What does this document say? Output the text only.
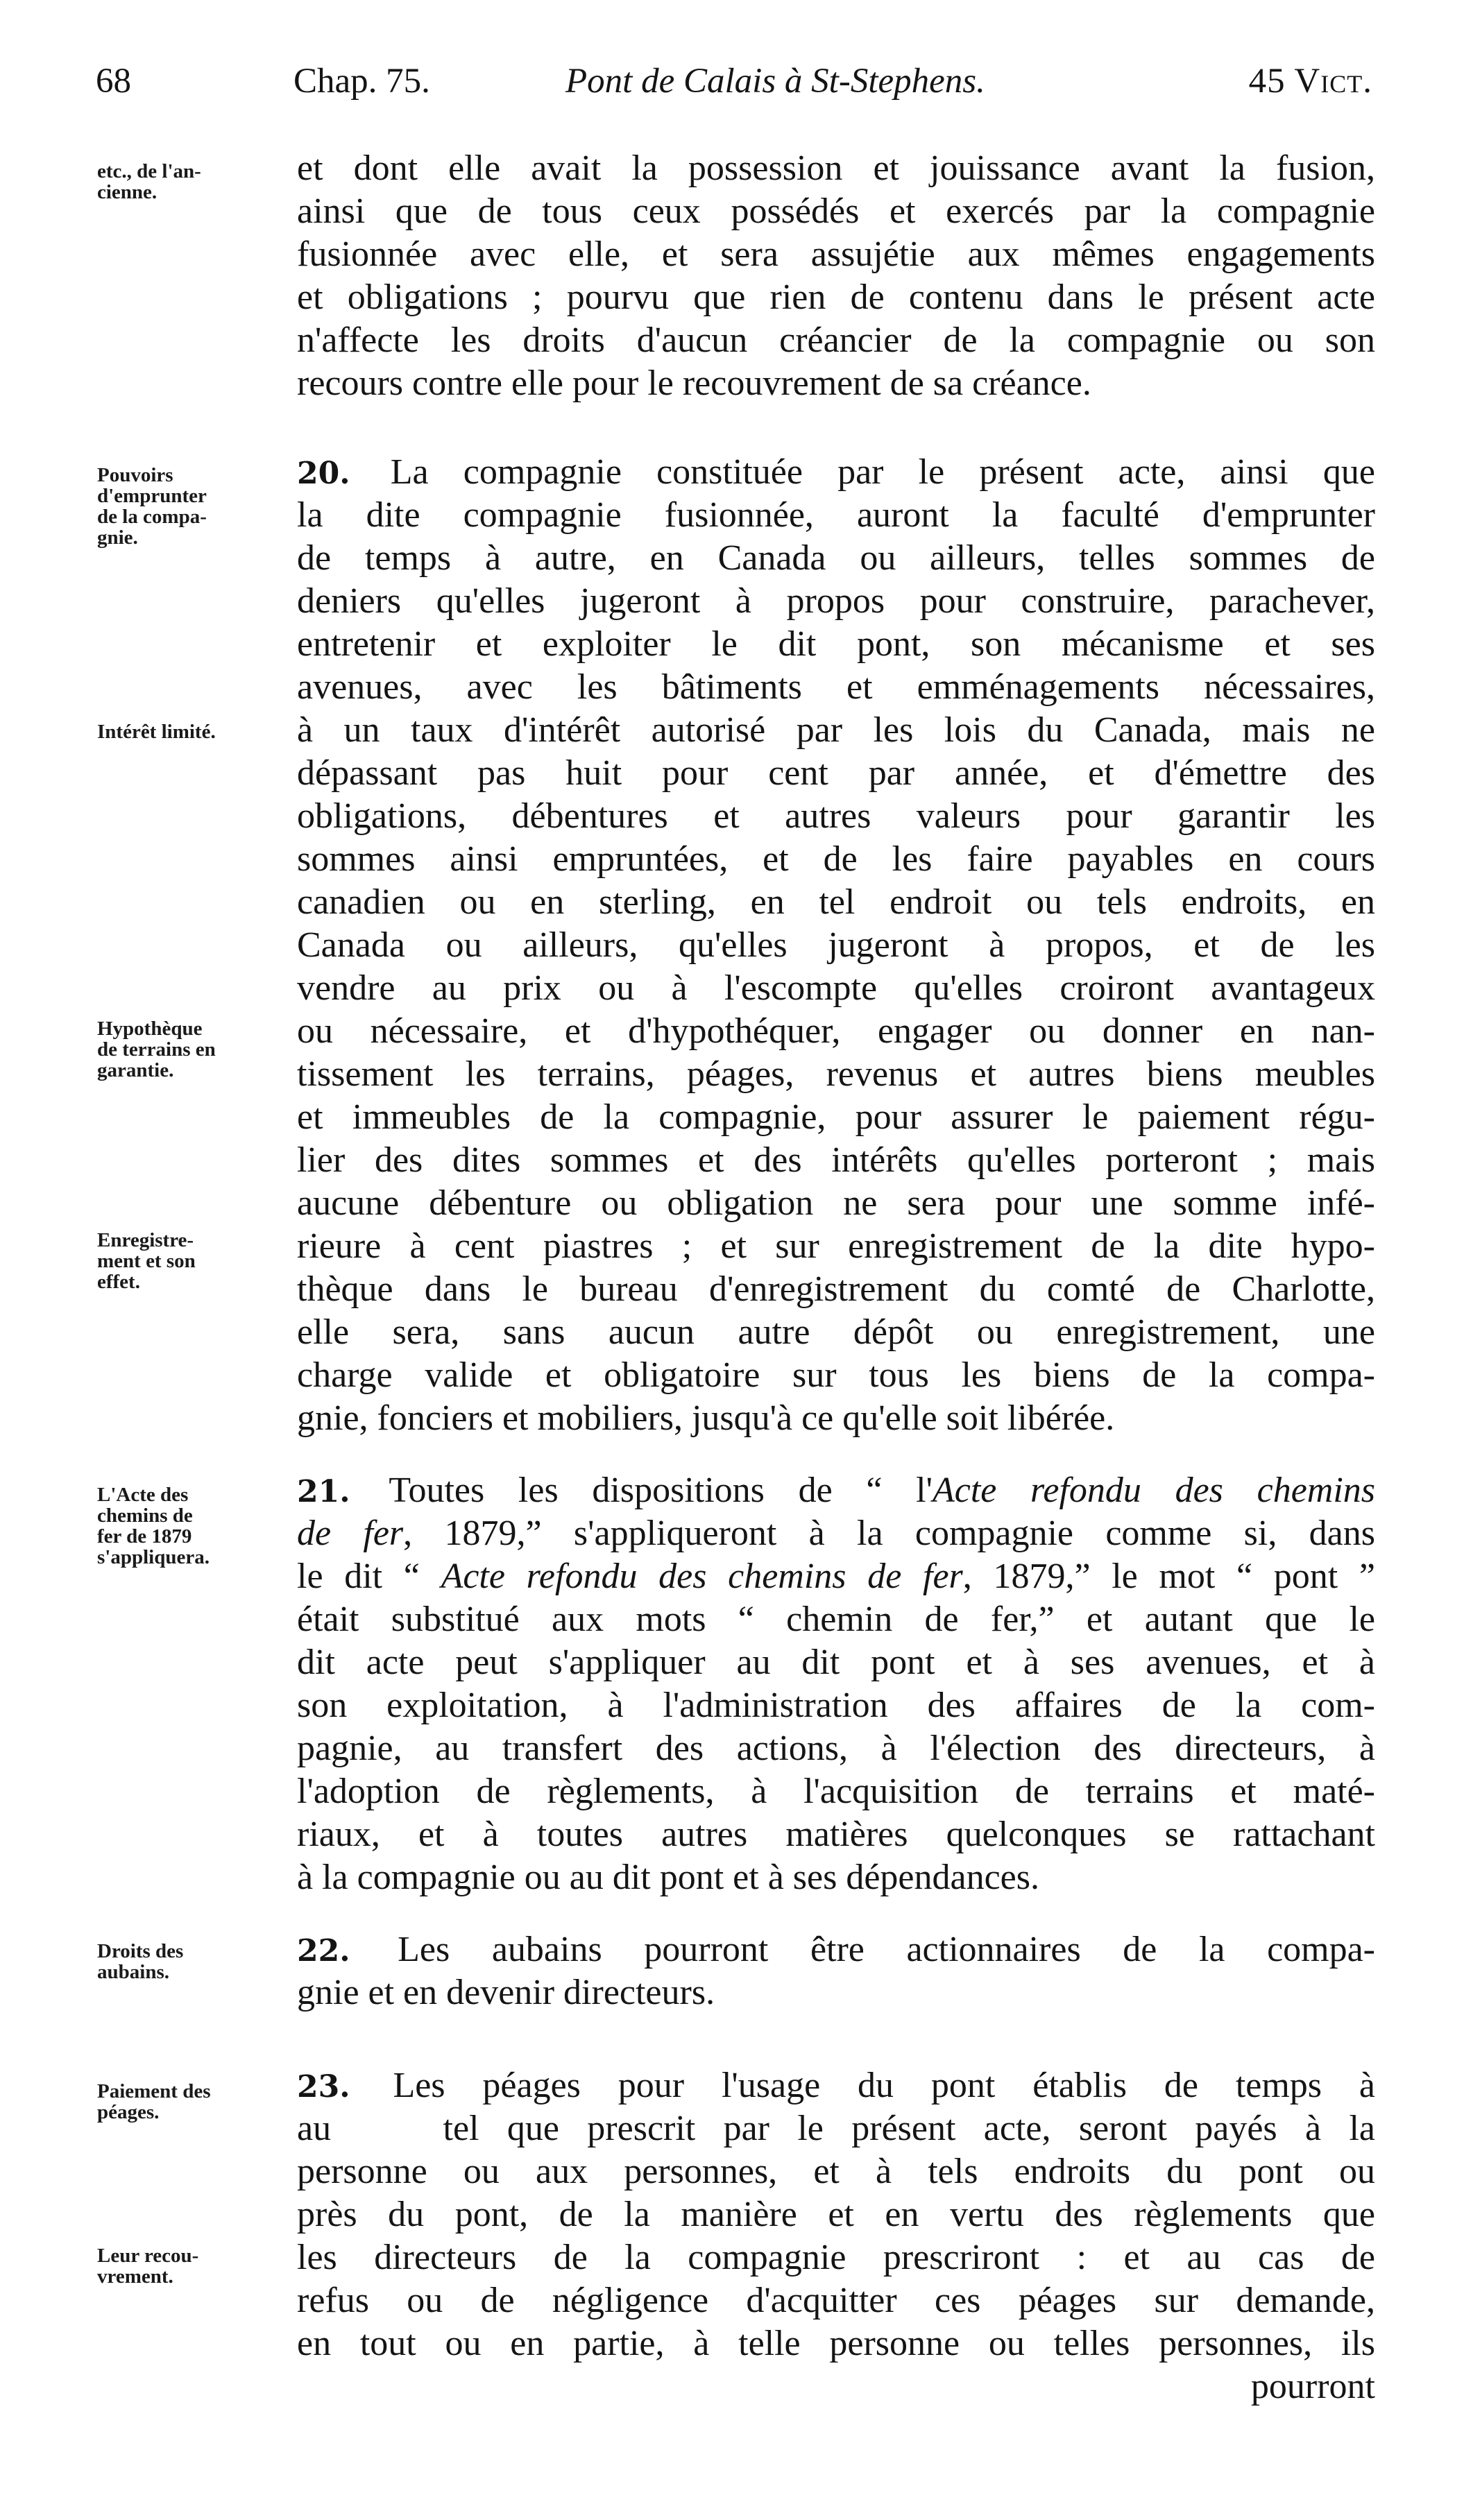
68	Chap. 75.	Pont de Calais à St-Stephens.	45 Vict.
etc., de l'an-
cienne.
Pouvoirs
d'emprunter
de la compa-
gnie.
Intérêt limité.
Hypothèque
de terrains en
garantie.
Enregistre-
ment et son
effet.
L'Acte des
chemins de
fer de 1879
s'appliquera.
Droits des
aubains.
Paiement des
péages.
Leur recou-
vrement.
et dont elle avait la possession et jouissance avant la fusion,
ainsi que de tous ceux possédés et exercés par la compagnie
fusionnée avec elle, et sera assujétie aux mêmes engagements
et obligations ; pourvu que rien de contenu dans le présent acte
n'affecte les droits d'aucun créancier de la compagnie ou son
recours contre elle pour le recouvrement de sa créance.
20. La compagnie constituée par le présent acte, ainsi que
la dite compagnie fusionnée, auront la faculté d'emprunter
de temps à autre, en Canada ou ailleurs, telles sommes de
deniers qu'elles jugeront à propos pour construire, parachever,
entretenir et exploiter le dit pont, son mécanisme et ses
avenues, avec les bâtiments et emménagements nécessaires,
à un taux d'intérêt autorisé par les lois du Canada, mais ne
dépassant pas huit pour cent par année, et d'émettre des
obligations, débentures et autres valeurs pour garantir les
sommes ainsi empruntées, et de les faire payables en cours
canadien ou en sterling, en tel endroit ou tels endroits, en
Canada ou ailleurs, qu'elles jugeront à propos, et de les
vendre au prix ou à l'escompte qu'elles croiront avantageux
ou nécessaire, et d'hypothéquer, engager ou donner en nan-
tissement les terrains, péages, revenus et autres biens meubles
et immeubles de la compagnie, pour assurer le paiement régu-
lier des dites sommes et des intérêts qu'elles porteront ; mais
aucune débenture ou obligation ne sera pour une somme infé-
rieure à cent piastres ; et sur enregistrement de la dite hypo-
thèque dans le bureau d'enregistrement du comté de Charlotte,
elle sera, sans aucun autre dépôt ou enregistrement, une
charge valide et obligatoire sur tous les biens de la compa-
gnie, fonciers et mobiliers, jusqu'à ce qu'elle soit libérée.
21. Toutes les dispositions de “ l'Acte refondu des chemins
de fer, 1879,” s'appliqueront à la compagnie comme si, dans
le dit “ Acte refondu des chemins de fer, 1879,” le mot “ pont ”
était substitué aux mots “ chemin de fer,” et autant que le
dit acte peut s'appliquer au dit pont et à ses avenues, et à
son exploitation, à l'administration des affaires de la com-
pagnie, au transfert des actions, à l'élection des directeurs, à
l'adoption de règlements, à l'acquisition de terrains et maté-
riaux, et à toutes autres matières quelconques se rattachant
à la compagnie ou au dit pont et à ses dépendances.
22. Les aubains pourront être actionnaires de la compa-
gnie et en devenir directeurs.
23. Les péages pour l'usage du pont établis de temps à
au    tel que prescrit par le présent acte, seront payés à la
personne ou aux personnes, et à tels endroits du pont ou
près du pont, de la manière et en vertu des règlements que
les directeurs de la compagnie prescriront : et au cas de
refus ou de négligence d'acquitter ces péages sur demande,
en tout ou en partie, à telle personne ou telles personnes, ils
pourront
